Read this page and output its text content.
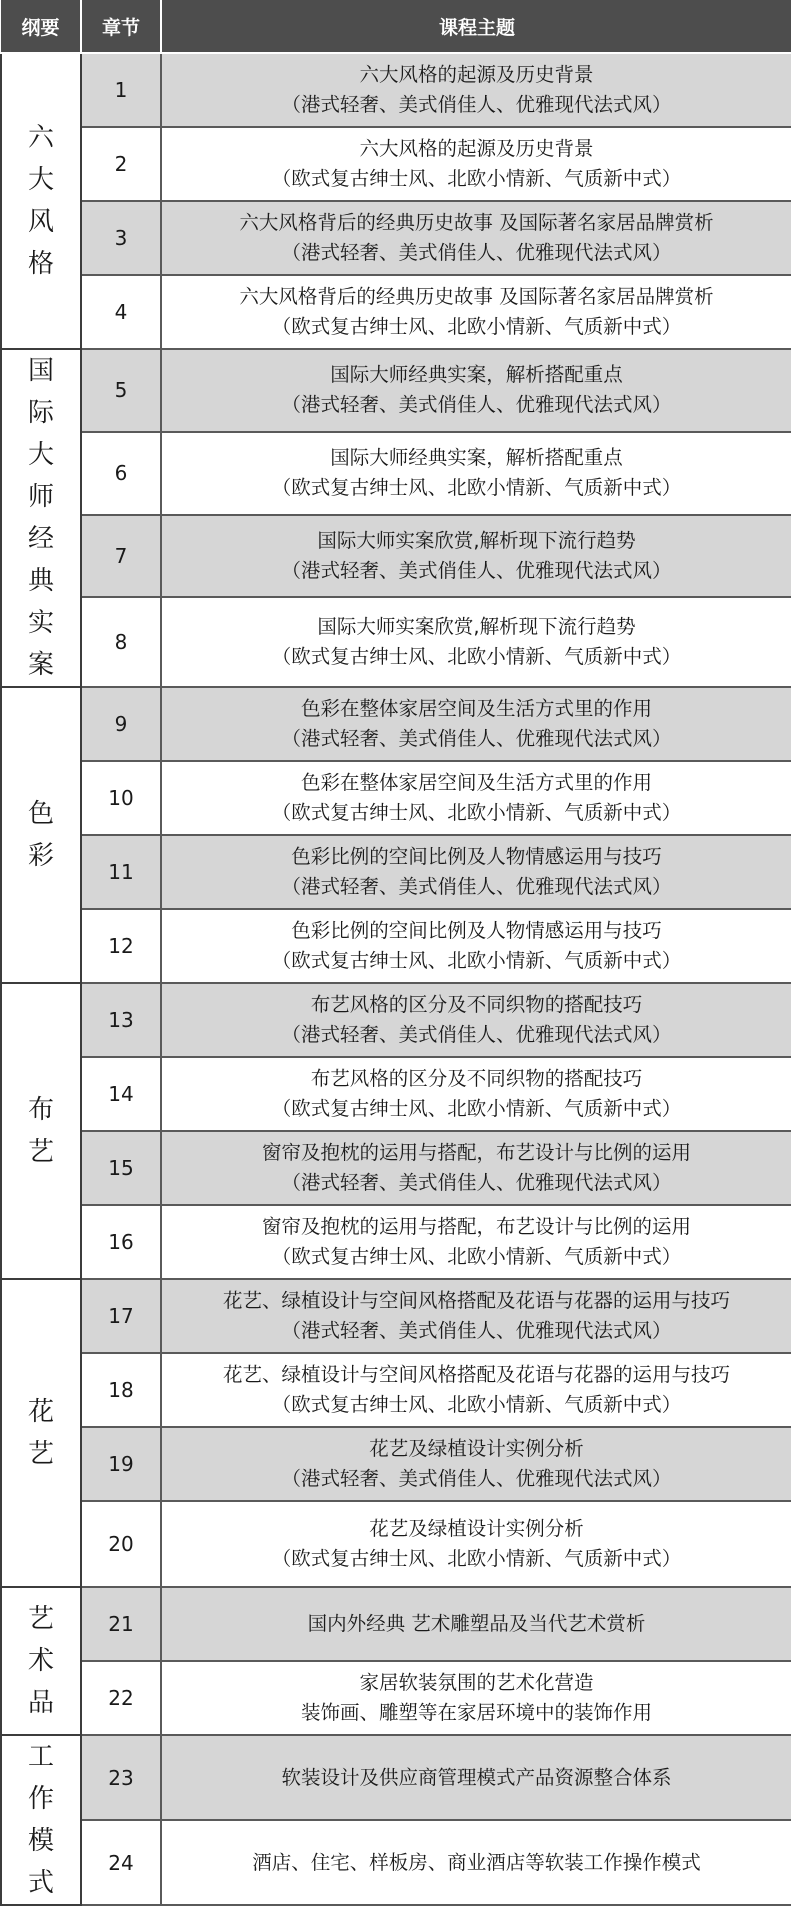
纲要	章节	课程主题
六大风格	1	六大风格的起源及历史背景
（港式轻奢、美式俏佳人、优雅现代法式风）

	2	六大风格的起源及历史背景
（欧式复古绅士风、北欧小情新、气质新中式）

	3	六大风格背后的经典历史故事 及国际著名家居品牌赏析
（港式轻奢、美式俏佳人、优雅现代法式风）

	4	六大风格背后的经典历史故事 及国际著名家居品牌赏析
（欧式复古绅士风、北欧小情新、气质新中式）

国际大师经典实案	5	国际大师经典实案，解析搭配重点
（港式轻奢、美式俏佳人、优雅现代法式风）

	6	国际大师经典实案，解析搭配重点
（欧式复古绅士风、北欧小情新、气质新中式）

	7	国际大师实案欣赏,解析现下流行趋势
（港式轻奢、美式俏佳人、优雅现代法式风）

	8	国际大师实案欣赏,解析现下流行趋势
（欧式复古绅士风、北欧小情新、气质新中式）

色彩	9	色彩在整体家居空间及生活方式里的作用
（港式轻奢、美式俏佳人、优雅现代法式风）

	10	色彩在整体家居空间及生活方式里的作用
（欧式复古绅士风、北欧小情新、气质新中式）

	11	色彩比例的空间比例及人物情感运用与技巧
（港式轻奢、美式俏佳人、优雅现代法式风）

	12	色彩比例的空间比例及人物情感运用与技巧
（欧式复古绅士风、北欧小情新、气质新中式）

布艺	13	布艺风格的区分及不同织物的搭配技巧
（港式轻奢、美式俏佳人、优雅现代法式风）

	14	布艺风格的区分及不同织物的搭配技巧
（欧式复古绅士风、北欧小情新、气质新中式）

	15	窗帘及抱枕的运用与搭配，布艺设计与比例的运用
（港式轻奢、美式俏佳人、优雅现代法式风）

	16	窗帘及抱枕的运用与搭配，布艺设计与比例的运用
（欧式复古绅士风、北欧小情新、气质新中式）

花艺	17	花艺、绿植设计与空间风格搭配及花语与花器的运用与技巧
（港式轻奢、美式俏佳人、优雅现代法式风）

	18	花艺、绿植设计与空间风格搭配及花语与花器的运用与技巧
（欧式复古绅士风、北欧小情新、气质新中式）

	19	花艺及绿植设计实例分析
（港式轻奢、美式俏佳人、优雅现代法式风）

	20	花艺及绿植设计实例分析
（欧式复古绅士风、北欧小情新、气质新中式）

艺术品	21	国内外经典 艺术雕塑品及当代艺术赏析

	22	家居软装氛围的艺术化营造
装饰画、雕塑等在家居环境中的装饰作用

工作模式	23	软装设计及供应商管理模式产品资源整合体系

	24	酒店、住宅、样板房、商业酒店等软装工作操作模式
